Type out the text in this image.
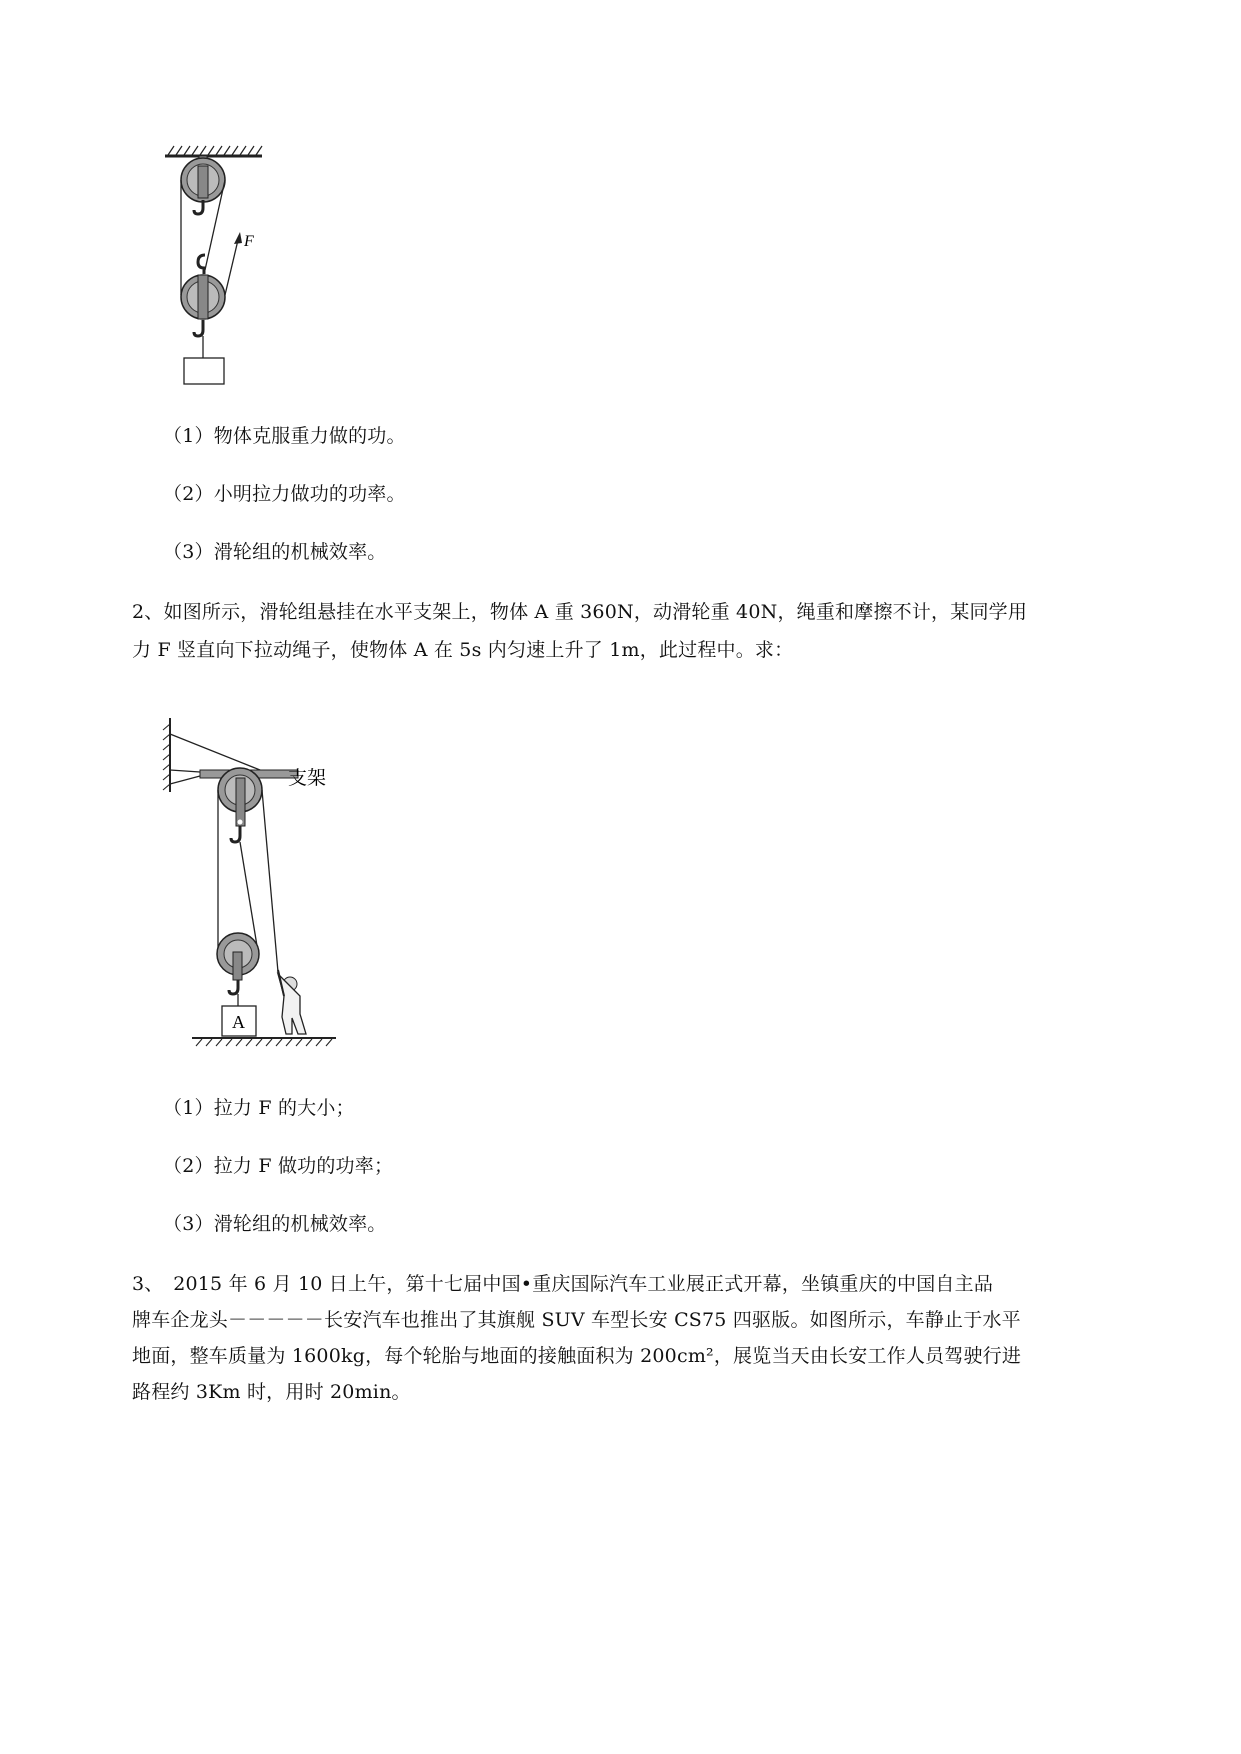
F
（1）物体克服重力做的功。
（2）小明拉力做功的功率。
（3）滑轮组的机械效率。
2、如图所示，滑轮组悬挂在水平支架上，物体 A 重 360N，动滑轮重 40N，绳重和摩擦不计，某同学用
力 F 竖直向下拉动绳子，使物体 A 在 5s 内匀速上升了 1m，此过程中。求：
支架
A
（1）拉力 F 的大小；
（2）拉力 F 做功的功率；
（3）滑轮组的机械效率。
3、　2015 年 6 月 10 日上午，第十七届中国•重庆国际汽车工业展正式开幕，坐镇重庆的中国自主品
牌车企龙头－－－－－长安汽车也推出了其旗舰 SUV 车型长安 CS75 四驱版。如图所示，车静止于水平
地面，整车质量为 1600kg，每个轮胎与地面的接触面积为 200cm²，展览当天由长安工作人员驾驶行进
路程约 3Km 时，用时 20min。
